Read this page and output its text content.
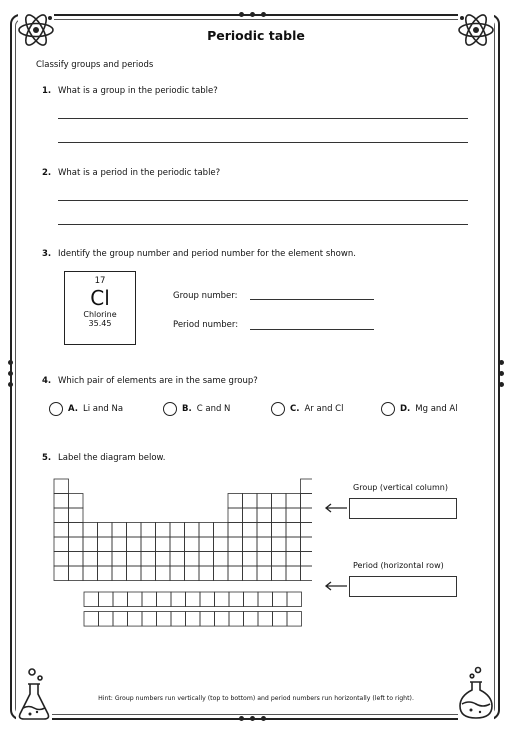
Periodic table
Classify groups and periods
1. What is a group in the periodic table?
2. What is a period in the periodic table?
3. Identify the group number and period number for the element shown.
17
Cl
Chlorine
35.45
Group number:
Period number:
4. Which pair of elements are in the same group?
A. Li and Na	B. C and N	C. Ar and Cl	D. Mg and Al
5. Label the diagram below.
Group (vertical column)
Period (horizontal row)
Hint: Group numbers run vertically (top to bottom) and period numbers run horizontally (left to right).
